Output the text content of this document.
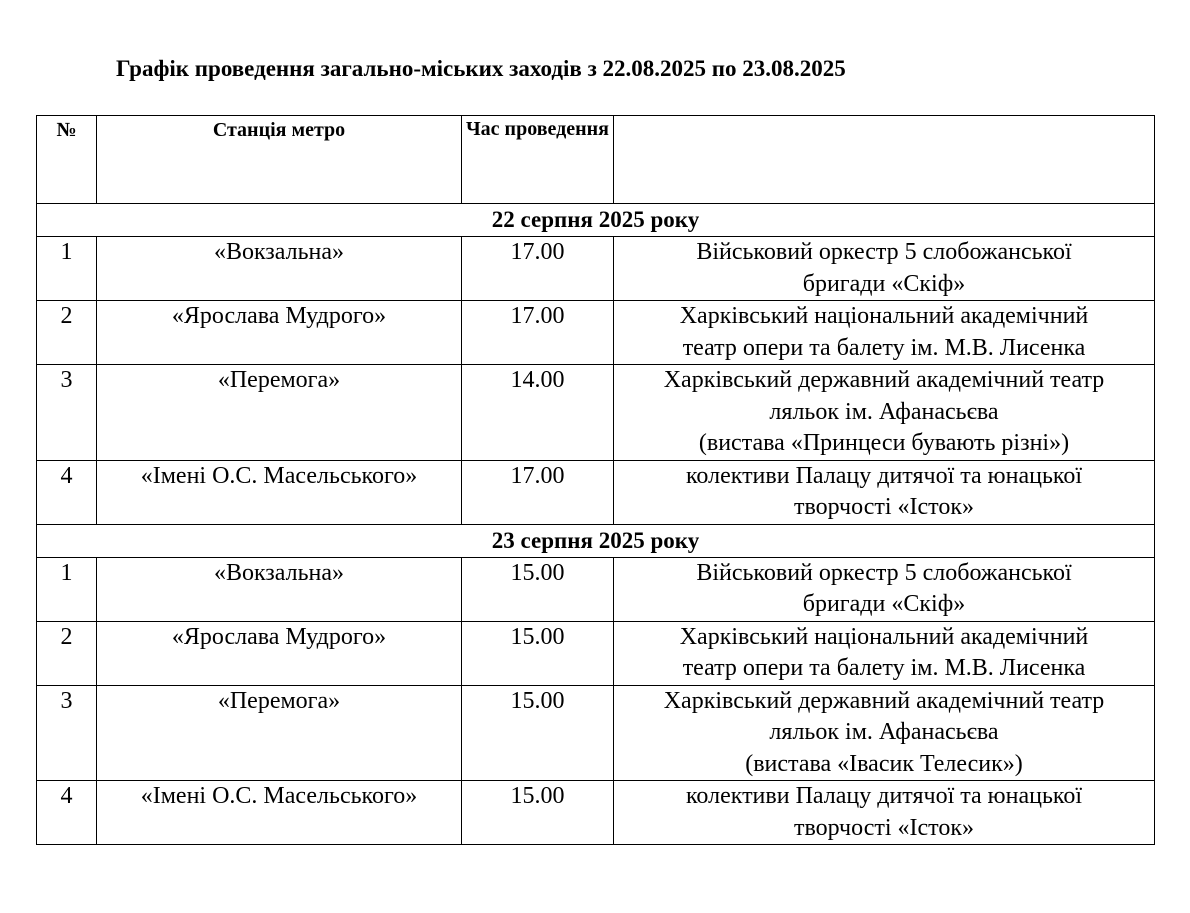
Графік проведення загально-міських заходів з 22.08.2025 по 23.08.2025
№	Станція метро	Час проведення	
22 серпня 2025 року			
1	«Вокзальна»	17.00	Військовий оркестр 5 слобожанської
бригади «Скіф»

2	«Ярослава Мудрого»	17.00	Харківський національний академічний
театр опери та балету ім. М.В. Лисенка

3	«Перемога»	14.00	Харківський державний академічний театр
ляльок ім. Афанасьєва
(вистава «Принцеси бувають різні»)

4	«Імені О.С. Масельського»	17.00	колективи Палацу дитячої та юнацької
творчості «Істок»

23 серпня 2025 року			
1	«Вокзальна»	15.00	Військовий оркестр 5 слобожанської
бригади «Скіф»

2	«Ярослава Мудрого»	15.00	Харківський національний академічний
театр опери та балету ім. М.В. Лисенка

3	«Перемога»	15.00	Харківський державний академічний театр
ляльок ім. Афанасьєва
(вистава «Івасик Телесик»)

4	«Імені О.С. Масельського»	15.00	колективи Палацу дитячої та юнацької
творчості «Істок»
